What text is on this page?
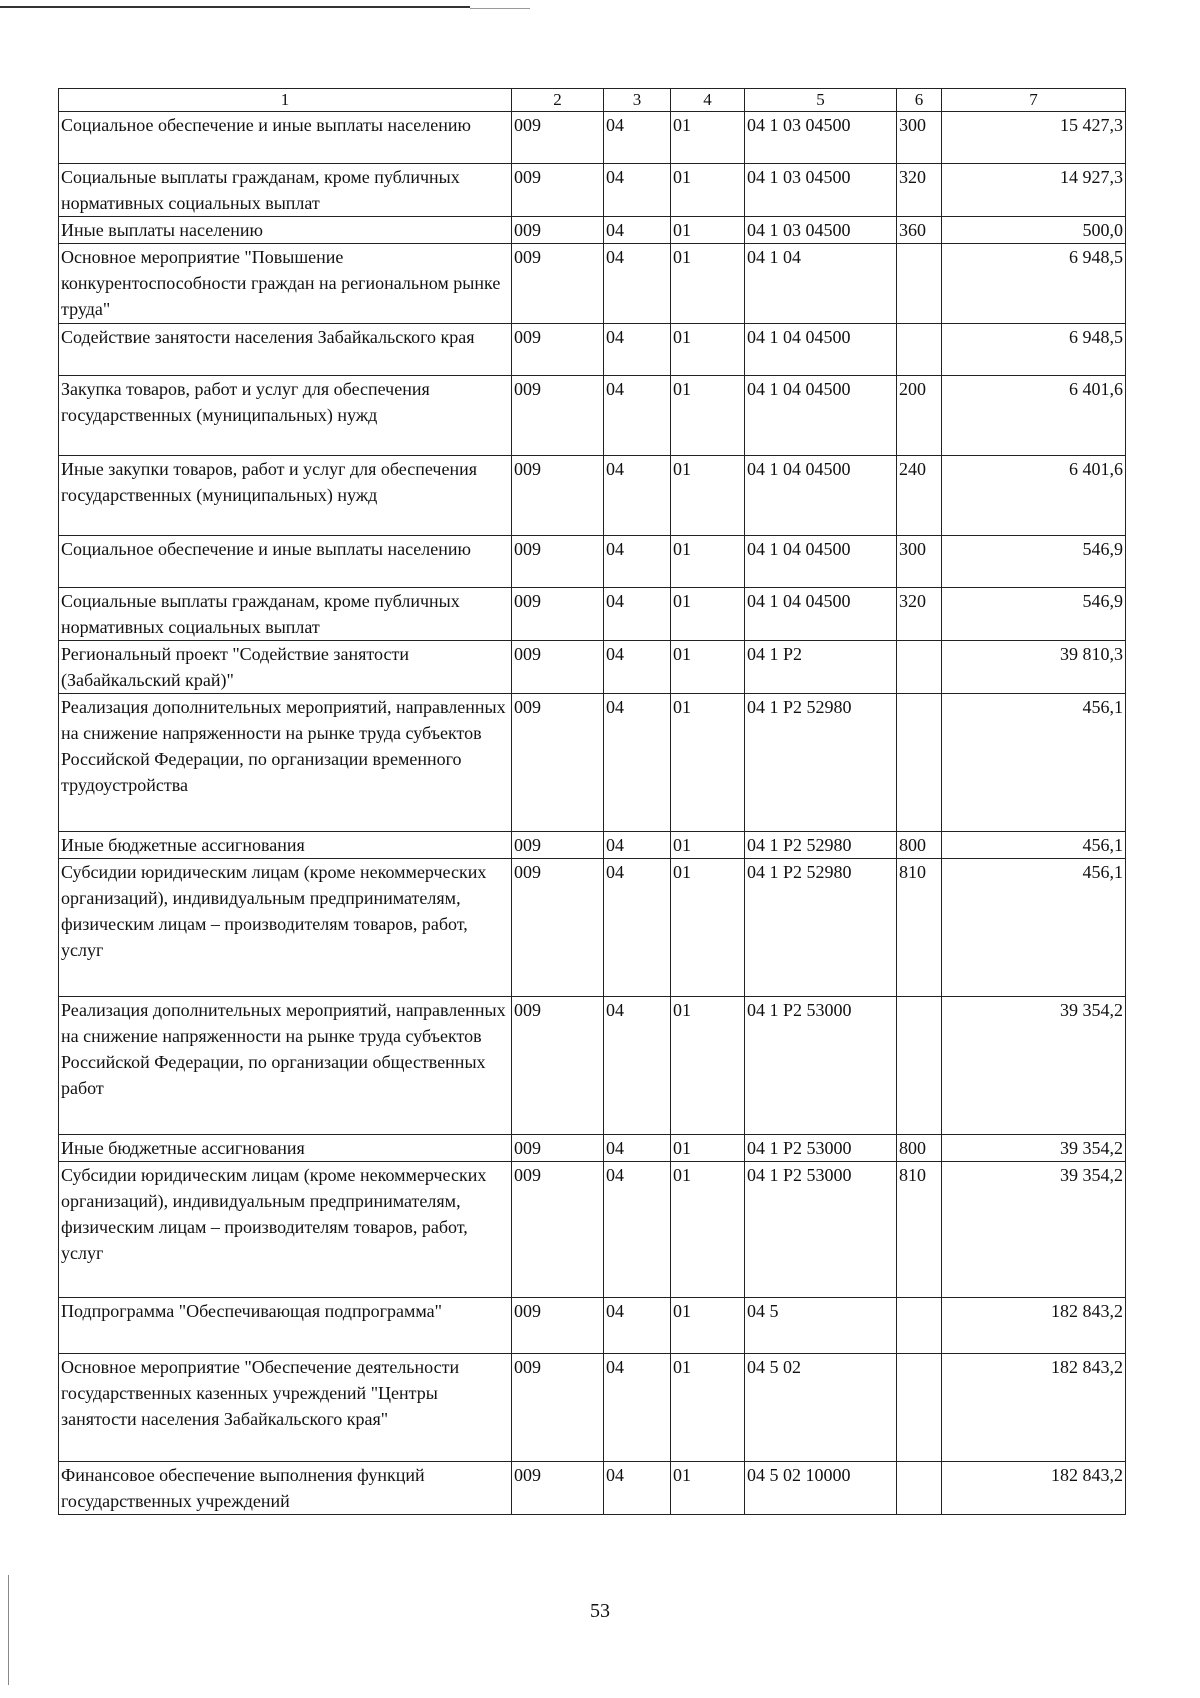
1	2	3	4	5	6	7
Социальное обеспечение и иные выплаты населению	009	04	01	04 1 03 04500	300	15 427,3
Социальные выплаты гражданам, кроме публичных нормативных социальных выплат	009	04	01	04 1 03 04500	320	14 927,3
Иные выплаты населению	009	04	01	04 1 03 04500	360	500,0
Основное мероприятие "Повышение конкурентоспособности граждан на региональном рынке труда"	009	04	01	04 1 04		6 948,5
Содействие занятости населения Забайкальского края	009	04	01	04 1 04 04500		6 948,5
Закупка товаров, работ и услуг для обеспечения государственных (муниципальных) нужд	009	04	01	04 1 04 04500	200	6 401,6
Иные закупки товаров, работ и услуг для обеспечения государственных (муниципальных) нужд	009	04	01	04 1 04 04500	240	6 401,6
Социальное обеспечение и иные выплаты населению	009	04	01	04 1 04 04500	300	546,9
Социальные выплаты гражданам, кроме публичных нормативных социальных выплат	009	04	01	04 1 04 04500	320	546,9
Региональный проект "Содействие занятости (Забайкальский край)"	009	04	01	04 1 P2		39 810,3
Реализация дополнительных мероприятий, направленных на снижение напряженности на рынке труда субъектов Российской Федерации, по организации временного трудоустройства	009	04	01	04 1 P2 52980		456,1
Иные бюджетные ассигнования	009	04	01	04 1 P2 52980	800	456,1
Субсидии юридическим лицам (кроме некоммерческих организаций), индивидуальным предпринимателям, физическим лицам – производителям товаров, работ, услуг	009	04	01	04 1 P2 52980	810	456,1
Реализация дополнительных мероприятий, направленных на снижение напряженности на рынке труда субъектов Российской Федерации, по организации общественных работ	009	04	01	04 1 P2 53000		39 354,2
Иные бюджетные ассигнования	009	04	01	04 1 P2 53000	800	39 354,2
Субсидии юридическим лицам (кроме некоммерческих организаций), индивидуальным предпринимателям, физическим лицам – производителям товаров, работ, услуг	009	04	01	04 1 P2 53000	810	39 354,2
Подпрограмма "Обеспечивающая подпрограмма"	009	04	01	04 5		182 843,2
Основное мероприятие "Обеспечение деятельности государственных казенных учреждений "Центры занятости населения Забайкальского края"	009	04	01	04 5 02		182 843,2
Финансовое обеспечение выполнения функций государственных учреждений	009	04	01	04 5 02 10000		182 843,2
53
